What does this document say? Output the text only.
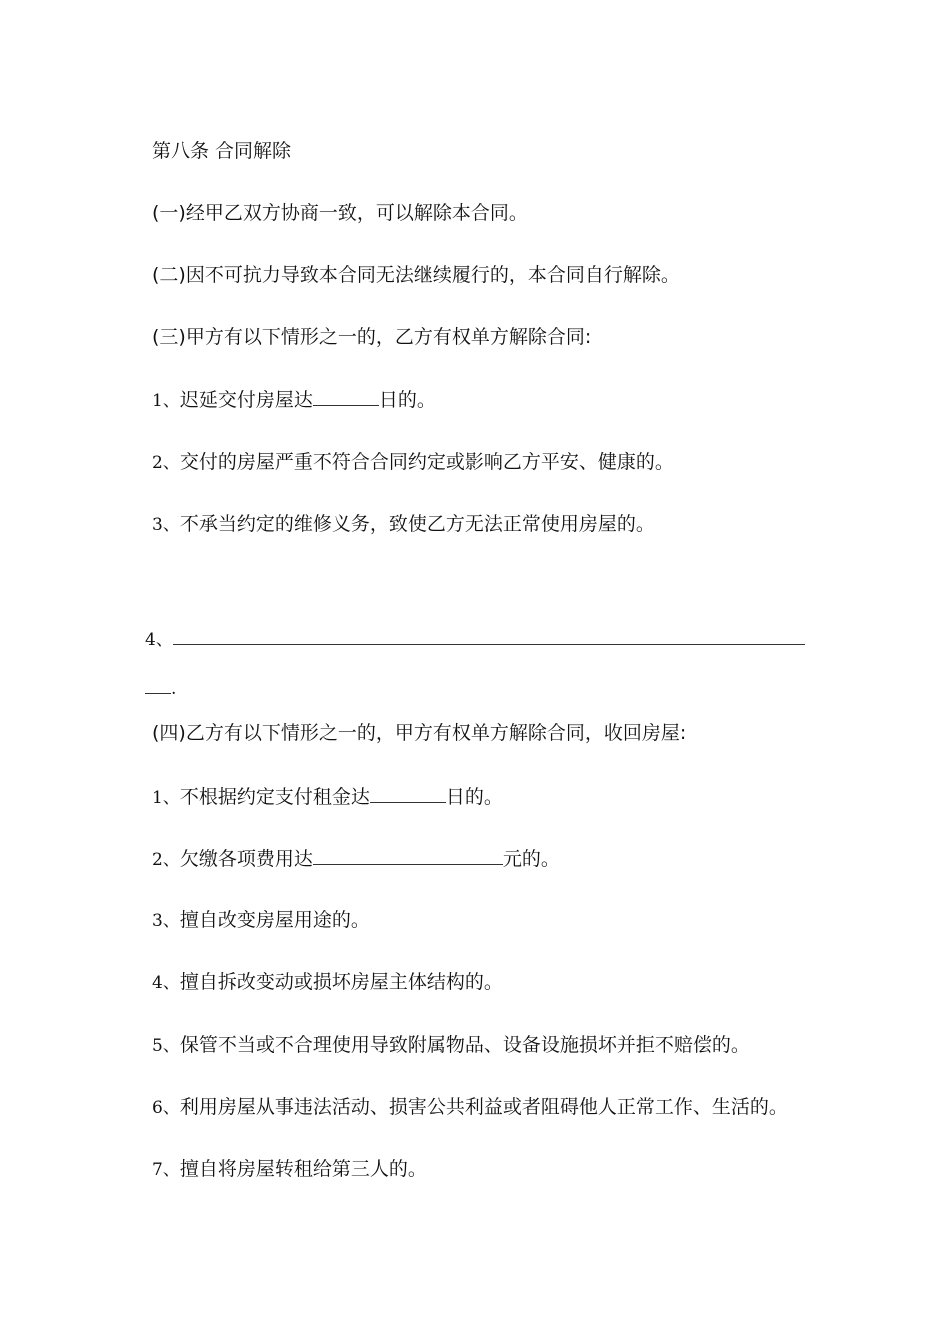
第八条 合同解除
(一)经甲乙双方协商一致，可以解除本合同。
(二)因不可抗力导致本合同无法继续履行的，本合同自行解除。
(三)甲方有以下情形之一的，乙方有权单方解除合同:
1、迟延交付房屋达	日的。
2、交付的房屋严重不符合合同约定或影响乙方平安、健康的。
3、不承当约定的维修义务，致使乙方无法正常使用房屋的。
4、
.
(四)乙方有以下情形之一的，甲方有权单方解除合同，收回房屋:
1、不根据约定支付租金达	日的。
2、欠缴各项费用达	元的。
3、擅自改变房屋用途的。
4、擅自拆改变动或损坏房屋主体结构的。
5、保管不当或不合理使用导致附属物品、设备设施损坏并拒不赔偿的。
6、利用房屋从事违法活动、损害公共利益或者阻碍他人正常工作、生活的。
7、擅自将房屋转租给第三人的。
